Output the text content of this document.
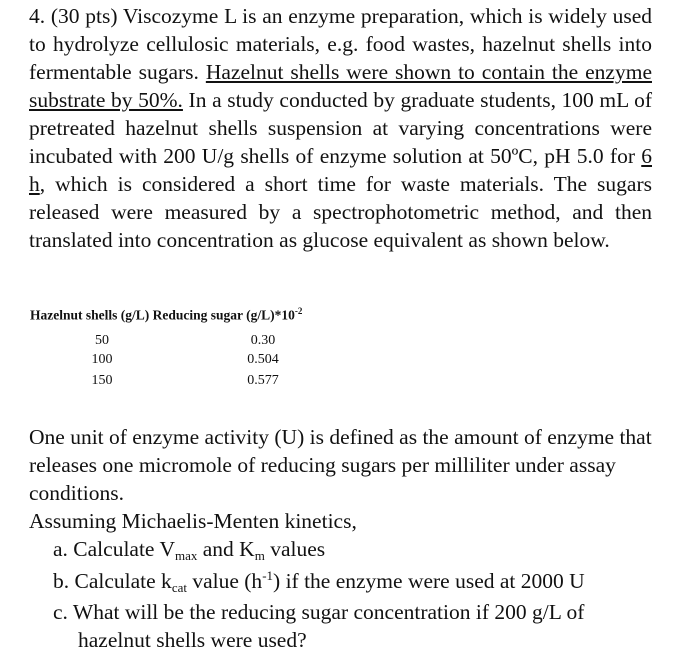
4. (30 pts) Viscozyme L is an enzyme preparation, which is widely used to hydrolyze cellulosic materials, e.g. food wastes, hazelnut shells into fermentable sugars. Hazelnut shells were shown to contain the enzyme substrate by 50%. In a study conducted by graduate students, 100 mL of pretreated hazelnut shells suspension at varying concentrations were incubated with 200 U/g shells of enzyme solution at 50ºC, pH 5.0 for 6 h, which is considered a short time for waste materials. The sugars released were measured by a spectrophotometric method, and then translated into concentration as glucose equivalent as shown below.
Hazelnut shells (g/L) Reducing sugar $(g/L)*10^{-2}$
50	0.30
100	0.504
150	0.577
One unit of enzyme activity (U) is defined as the amount of enzyme that releases one micromole of reducing sugars per milliliter under assay conditions.
Assuming Michaelis-Menten kinetics,
a. Calculate $V_{max}$ and $K_m$ values
b. Calculate $k_{cat}$ value $(h^{-1})$ if the enzyme were used at 2000 U
c. What will be the reducing sugar concentration if 200 g/L of
hazelnut shells were used?
